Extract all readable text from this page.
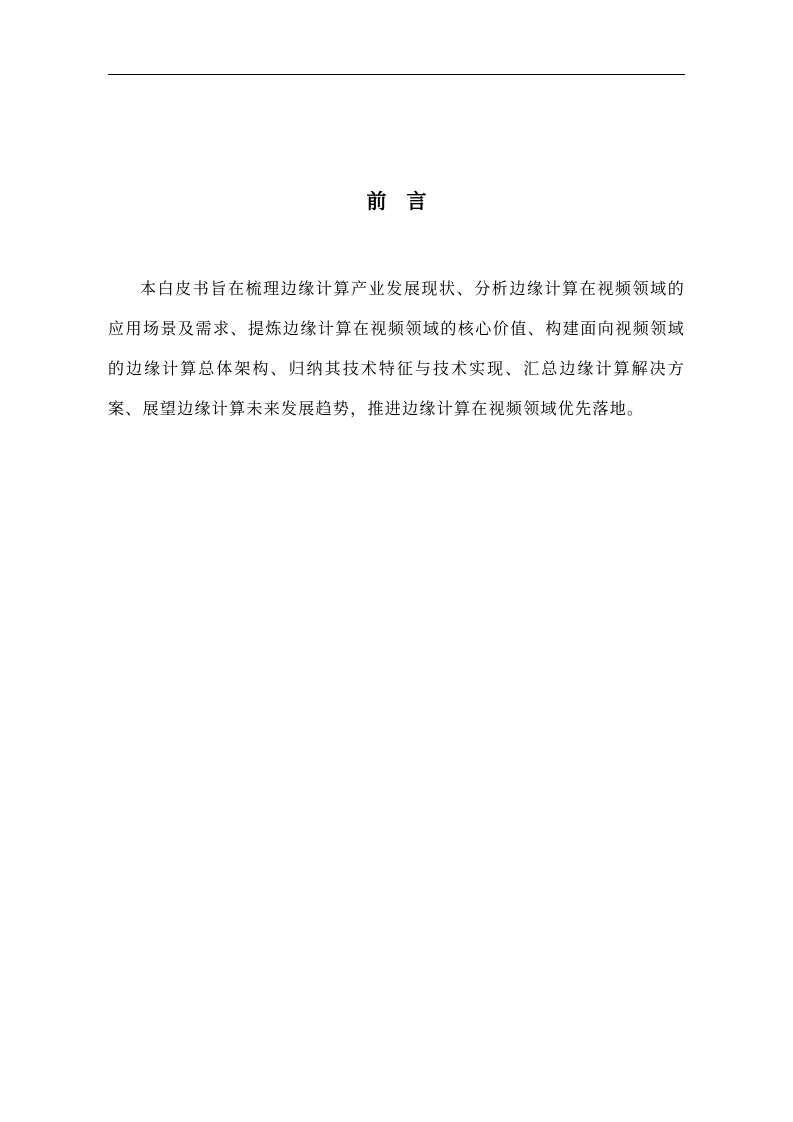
前言

本白皮书旨在梳理边缘计算产业发展现状、分析边缘计算在视频领域的应用场景及需求、提炼边缘计算在视频领域的核心价值、构建面向视频领域的边缘计算总体架构、归纳其技术特征与技术实现、汇总边缘计算解决方案、展望边缘计算未来发展趋势，推进边缘计算在视频领域优先落地。
